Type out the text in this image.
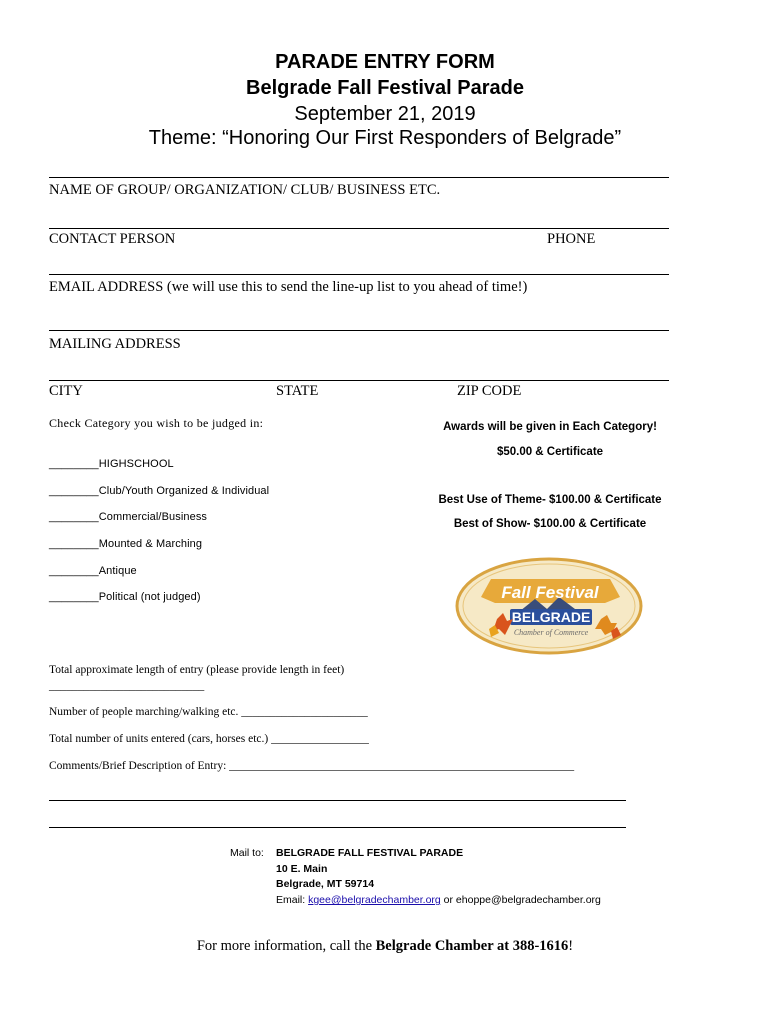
PARADE ENTRY FORM
Belgrade Fall Festival Parade
September 21, 2019
Theme: “Honoring Our First Responders of Belgrade”
NAME OF GROUP/ ORGANIZATION/ CLUB/ BUSINESS ETC.
CONTACT PERSON	PHONE
EMAIL ADDRESS (we will use this to send the line-up list to you ahead of time!)
MAILING ADDRESS
CITY	STATE	ZIP CODE
Check Category you wish to be judged in:
________HIGHSCHOOL
________Club/Youth Organized & Individual
________Commercial/Business
________Mounted & Marching
________Antique
________Political (not judged)
Awards will be given in Each Category!
$50.00 & Certificate
Best Use of Theme- $100.00 & Certificate
Best of Show- $100.00 & Certificate
Fall Festival
BELGRADE
Chamber of Commerce
Total approximate length of entry (please provide length in feet)
___________________________
Number of people marching/walking etc. ______________________
Total number of units entered (cars, horses etc.) _________________
Comments/Brief Description of Entry: ____________________________________________________________
Mail to: BELGRADE FALL FESTIVAL PARADE
10 E. Main
Belgrade, MT 59714
Email: kgee@belgradechamber.org or ehoppe@belgradechamber.org
For more information, call the Belgrade Chamber at 388-1616!
